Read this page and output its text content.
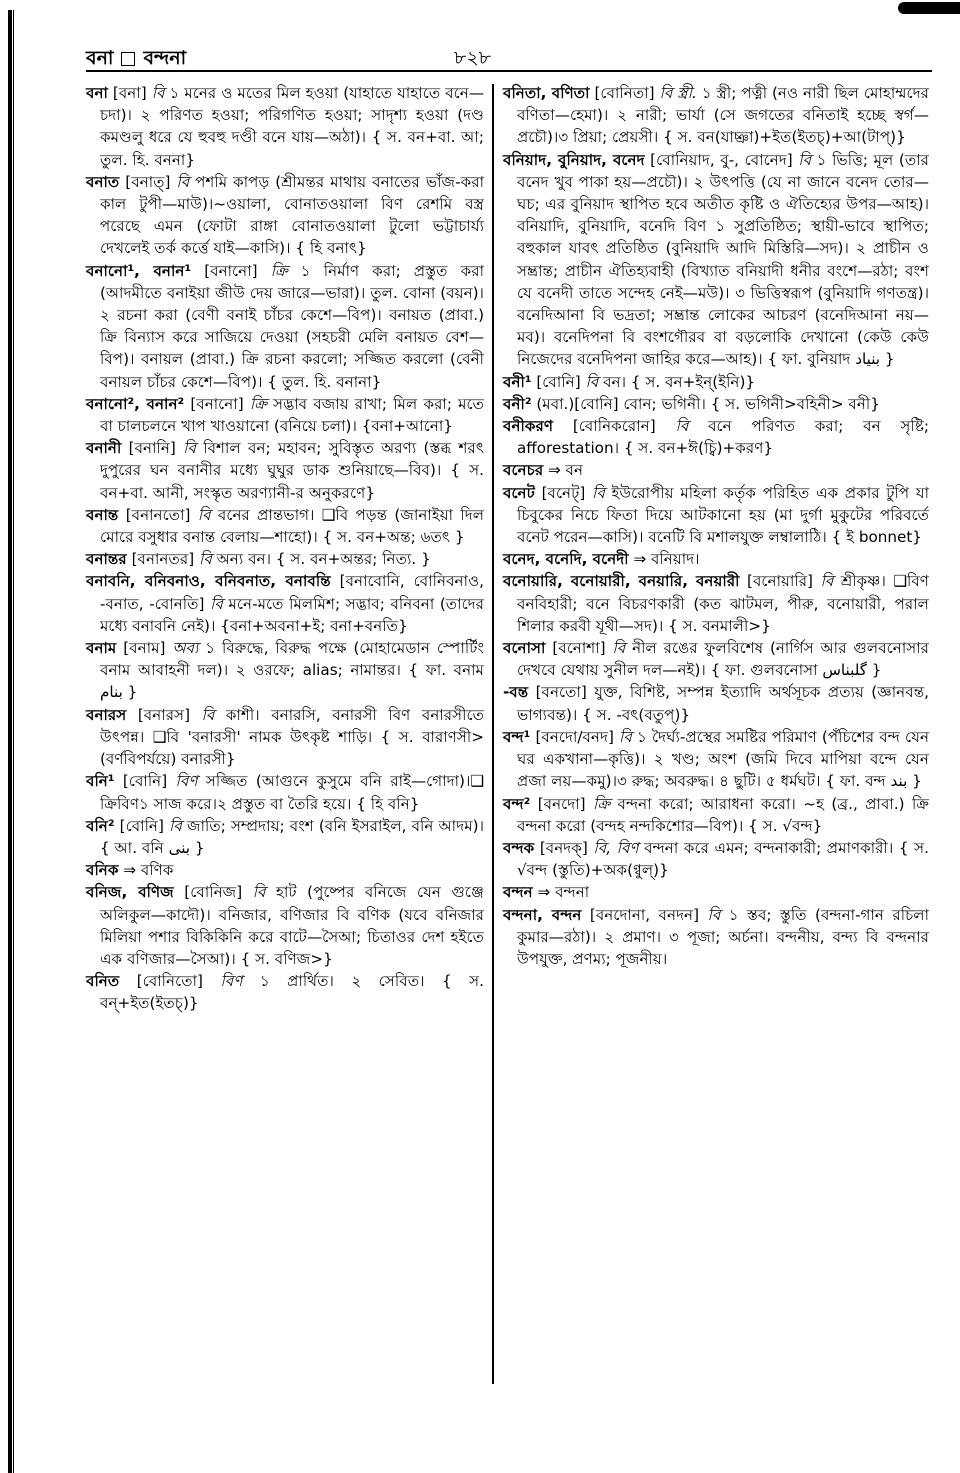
বনা বন্দনা	৮২৮

বনা [বনা] বি ১ মনের ও মতের মিল হওয়া (যাহাতে যাহাতে বনে—চদা)। ২ পরিণত হওয়া; পরিগণিত হওয়া; সাদৃশ্য হওয়া (দণ্ড কমণ্ডলু ধরে যে হুবহু দণ্ডী বনে যায়—অঠা)। { স. বন+বা. আ; তুল. হি. বননা}

বনাত [বনাত্] বি পশমি কাপড় (শ্রীমন্তর মাথায় বনাতের ভাঁজ-করা কাল টুপী—মাউ)।~ওয়ালা, বোনাতওয়ালা বিণ রেশমি বস্ত্র পরেছে এমন (ফোটা রাঙ্গা বোনাতওয়ালা টুলো ভট্টাচার্য্য দেখলেই তর্ক কর্ত্তে যাই—কাসি)। { হি বনাৎ}

বনানো¹, বনান¹ [বনানো] ক্রি ১ নির্মাণ করা; প্রস্তুত করা (আদমীতে বনাইয়া জীউ দেয় জারে—ভারা)। তুল. বোনা (বয়ন)। ২ রচনা করা (বেণী বনাই চাঁচর কেশে—বিপ)। বনায়ত (প্রাবা.) ক্রি বিন্যাস করে সাজিয়ে দেওয়া (সহচরী মেলি বনায়ত বেশ—বিপ)। বনায়ল (প্রাবা.) ক্রি রচনা করলো; সজ্জিত করলো (বেনী বনায়ল চাঁচর কেশে—বিপ)। { তুল. হি. বনানা}

বনানো², বনান² [বনানো] ক্রি সদ্ভাব বজায় রাখা; মিল করা; মতে বা চালচলনে খাপ খাওয়ানো (বনিয়ে চলা)। {বনা+আনো}

বনানী [বনানি] বি বিশাল বন; মহাবন; সুবিস্তৃত অরণ্য (স্তব্ধ শরৎ দুপুরের ঘন বনানীর মধ্যে ঘুঘুর ডাক শুনিয়াছে—বিব)। { স. বন+বা. আনী, সংস্কৃত অরণ্যানী-র অনুকরণে}

বনান্ত [বনানতো] বি বনের প্রান্তভাগ। ❑বি পড়ন্ত (জানাইয়া দিল মোরে বসুধার বনান্ত বেলায়—শাহো)। { স. বন+অন্ত; ৬তৎ }

বনান্তর [বনানতর] বি অন্য বন। { স. বন+অন্তর; নিত্য. }

বনাবনি, বনিবনাও, বনিবনাত, বনাবন্তি [বনাবোনি, বোনিবনাও, -বনাত, -বোনতি] বি মনে-মতে মিলমিশ; সদ্ভাব; বনিবনা (তাদের মধ্যে বনাবনি নেই)। {বনা+অবনা+ই; বনা+বনতি}

বনাম [বনাম] অব্য ১ বিরুদ্ধে, বিরুদ্ধ পক্ষে (মোহামেডান স্পোর্টিং বনাম আবাহনী দল)। ২ ওরফে; alias; নামান্তর। { ফা. বনাম بنام }

বনারস [বনারস] বি কাশী। বনারসি, বনারসী বিণ বনারসীতে উৎপন্ন। ❑বি 'বনারসী' নামক উৎকৃষ্ট শাড়ি। { স. বারাণসী>(বর্ণবিপর্যয়ে) বনারসী}

বনি¹ [বোনি] বিণ সজ্জিত (আগুনে কুসুমে বনি রাই—গোদা)।❑ ক্রিবিণ১ সাজ করে।২ প্রস্তুত বা তৈরি হয়ে। { হি বনি}

বনি² [বোনি] বি জাতি; সম্প্রদায়; বংশ (বনি ইসরাইল, বনি আদম)। { আ. বনি بنی }

বনিক ⇒ বণিক

বনিজ, বণিজ [বোনিজ] বি হাট (পুষ্পের বনিজে যেন গুঞ্জে অলিকুল—কাদৌ)। বনিজার, বণিজার বি বণিক (যবে বনিজার মিলিয়া পশার বিকিকিনি করে বাটে—সৈআ; চিতাওর দেশ হইতে এক বণিজার—সৈআ)। { স. বণিজ>}

বনিত [বোনিতো] বিণ ১ প্রার্থিত। ২ সেবিত। { স. বন্+ইত(ইতচ্)}

বনিতা, বণিতা [বোনিতা] বি স্ত্রী. ১ স্ত্রী; পত্নী (নও নারী ছিল মোহাম্মদের বণিতা—হেমা)। ২ নারী; ভার্যা (সে জগতের বনিতাই হচ্ছে স্বর্গ—প্রচৌ)।৩ প্রিয়া; প্রেয়সী। { স. বন(যাচ্ঞা)+ইত(ইতচ্)+আ(টাপ্)}

বনিয়াদ, বুনিয়াদ, বনেদ [বোনিয়াদ, বু-, বোনেদ] বি ১ ভিত্তি; মূল (তার বনেদ খুব পাকা হয়—প্রচৌ)। ২ উৎপত্তি (যে না জানে বনেদ তোর—ঘচ; এর বুনিয়াদ স্থাপিত হবে অতীত কৃষ্টি ও ঐতিহ্যের উপর—আহ)। বনিয়াদি, বুনিয়াদি, বনেদি বিণ ১ সুপ্রতিষ্ঠিত; স্থায়ী-ভাবে স্থাপিত; বহুকাল যাবৎ প্রতিষ্ঠিত (বুনিয়াদি আদি মিস্তিরি—সদ)। ২ প্রাচীন ও সম্ভ্রান্ত; প্রাচীন ঐতিহ্যবাহী (বিখ্যাত বনিয়াদী ধনীর বংশে—রঠা; বংশ যে বনেদী তাতে সন্দেহ নেই—মউ)। ৩ ভিত্তিস্বরূপ (বুনিয়াদি গণতন্ত্র)। বনেদিআনা বি ভদ্রতা; সম্ভ্রান্ত লোকের আচরণ (বনেদিআনা নয়—মব)। বনেদিপনা বি বংশগৌরব বা বড়লোকি দেখানো (কেউ কেউ নিজেদের বনেদিপনা জাহির করে—আহ)। { ফা. বুনিয়াদ بنیاد }

বনী¹ [বোনি] বি বন। { স. বন+ইন্(ইনি)}

বনী² (মবা.)[বোনি] বোন; ভগিনী। { স. ভগিনী>বহিনী> বনী}

বনীকরণ [বোনিকরোন] বি বনে পরিণত করা; বন সৃষ্টি; afforestation। { স. বন+ঈ(চ্বি)+করণ}

বনেচর ⇒ বন

বনেট [বনেট্] বি ইউরোপীয় মহিলা কর্তৃক পরিহিত এক প্রকার টুপি যা চিবুকের নিচে ফিতা দিয়ে আটকানো হয় (মা দুর্গা মুকুটের পরিবর্তে বনেট পরেন—কাসি)। বনেটি বি মশালযুক্ত লম্বালাঠি। { ই bonnet}

বনেদ, বনেদি, বনেদী ⇒ বনিয়াদ।

বনোয়ারি, বনোয়ারী, বনয়ারি, বনয়ারী [বনোয়ারি] বি শ্রীকৃষ্ণ। ❑বিণ বনবিহারী; বনে বিচরণকারী (কত ঝাটমল, পীরু, বনোয়ারী, পরাল শিলার করবী যূথী—সদ)। { স. বনমালী>}

বনোসা [বনোশা] বি নীল রঙের ফুলবিশেষ (নার্গিস আর গুলবনোসার দেখবে যেথায় সুনীল দল—নই)। { ফা. গুলবনোসা گلبناس }

-বন্ত [বনতো] যুক্ত, বিশিষ্ট, সম্পন্ন ইত্যাদি অর্থসূচক প্রত্যয় (জ্ঞানবন্ত, ভাগ্যবন্ত)। { স. -বৎ(বতুপ্)}

বন্দ¹ [বনদো/বনদ] বি ১ দৈর্ঘ্য-প্রস্থের সমষ্টির পরিমাণ (পঁচিশের বন্দ যেন ঘর একখানা—কৃত্তি)। ২ খণ্ড; অংশ (জমি দিবে মাপিয়া বন্দে যেন প্রজা লয়—কমু)।৩ রুদ্ধ; অবরুদ্ধ। ৪ ছুটি। ৫ ধর্মঘট। { ফা. বন্দ بند }

বন্দ² [বনদো] ক্রি বন্দনা করো; আরাধনা করো। ~হ (ব্র., প্রাবা.) ক্রি বন্দনা করো (বন্দহ নন্দকিশোর—বিপ)। { স. √বন্দ}

বন্দক [বনদক্] বি, বিণ বন্দনা করে এমন; বন্দনাকারী; প্রমাণকারী। { স. √বন্দ (স্তুতি)+অক(ণ্বুল্)}

বন্দন ⇒ বন্দনা

বন্দনা, বন্দন [বনদোনা, বনদন] বি ১ স্তব; স্তুতি (বন্দনা-গান রচিলা কুমার—রঠা)। ২ প্রমাণ। ৩ পূজা; অর্চনা। বন্দনীয়, বন্দ্য বি বন্দনার উপযুক্ত, প্রণম্য; পূজনীয়।
